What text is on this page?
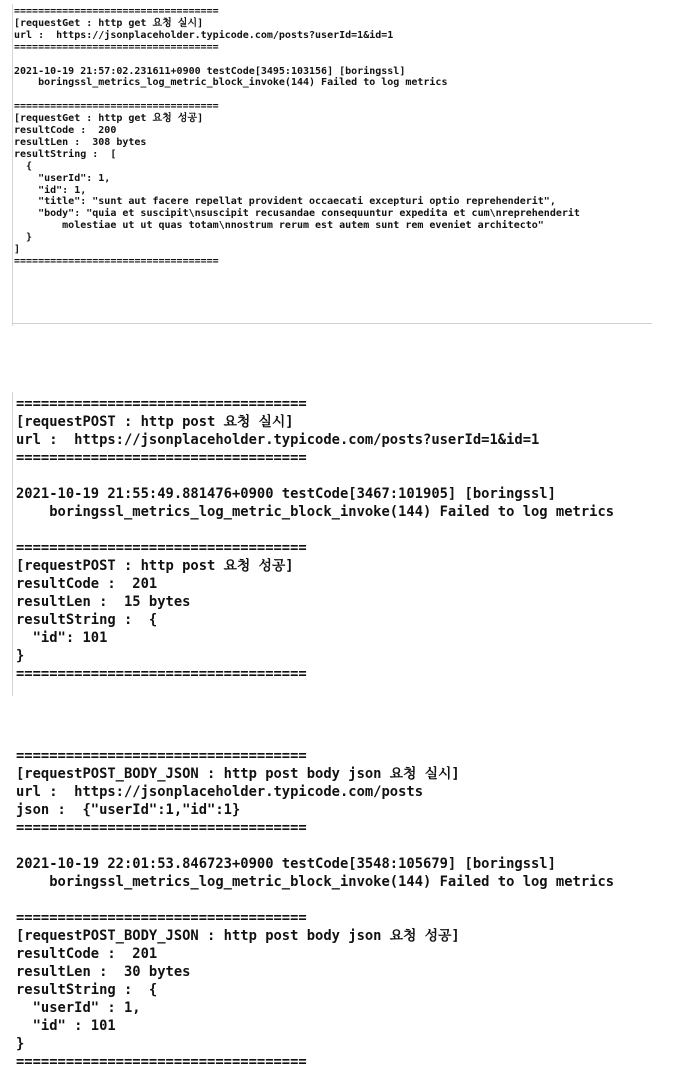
==================================
[requestGet : http get 요청 실시]
url :  https://jsonplaceholder.typicode.com/posts?userId=1&id=1
==================================
2021-10-19 21:57:02.231611+0900 testCode[3495:103156] [boringssl]
boringssl_metrics_log_metric_block_invoke(144) Failed to log metrics
==================================
[requestGet : http get 요청 성공]
resultCode :  200
resultLen :  308 bytes
resultString :  [
{
"userId": 1,
"id": 1,
"title": "sunt aut facere repellat provident occaecati excepturi optio reprehenderit",
"body": "quia et suscipit\nsuscipit recusandae consequuntur expedita et cum\nreprehenderit
molestiae ut ut quas totam\nnostrum rerum est autem sunt rem eveniet architecto"
}
]
==================================
===================================
[requestPOST : http post 요청 실시]
url :  https://jsonplaceholder.typicode.com/posts?userId=1&id=1
===================================
2021-10-19 21:55:49.881476+0900 testCode[3467:101905] [boringssl]
boringssl_metrics_log_metric_block_invoke(144) Failed to log metrics
===================================
[requestPOST : http post 요청 성공]
resultCode :  201
resultLen :  15 bytes
resultString :  {
"id": 101
}
===================================
===================================
[requestPOST_BODY_JSON : http post body json 요청 실시]
url :  https://jsonplaceholder.typicode.com/posts
json :  {"userId":1,"id":1}
===================================
2021-10-19 22:01:53.846723+0900 testCode[3548:105679] [boringssl]
boringssl_metrics_log_metric_block_invoke(144) Failed to log metrics
===================================
[requestPOST_BODY_JSON : http post body json 요청 성공]
resultCode :  201
resultLen :  30 bytes
resultString :  {
"userId" : 1,
"id" : 101
}
===================================
